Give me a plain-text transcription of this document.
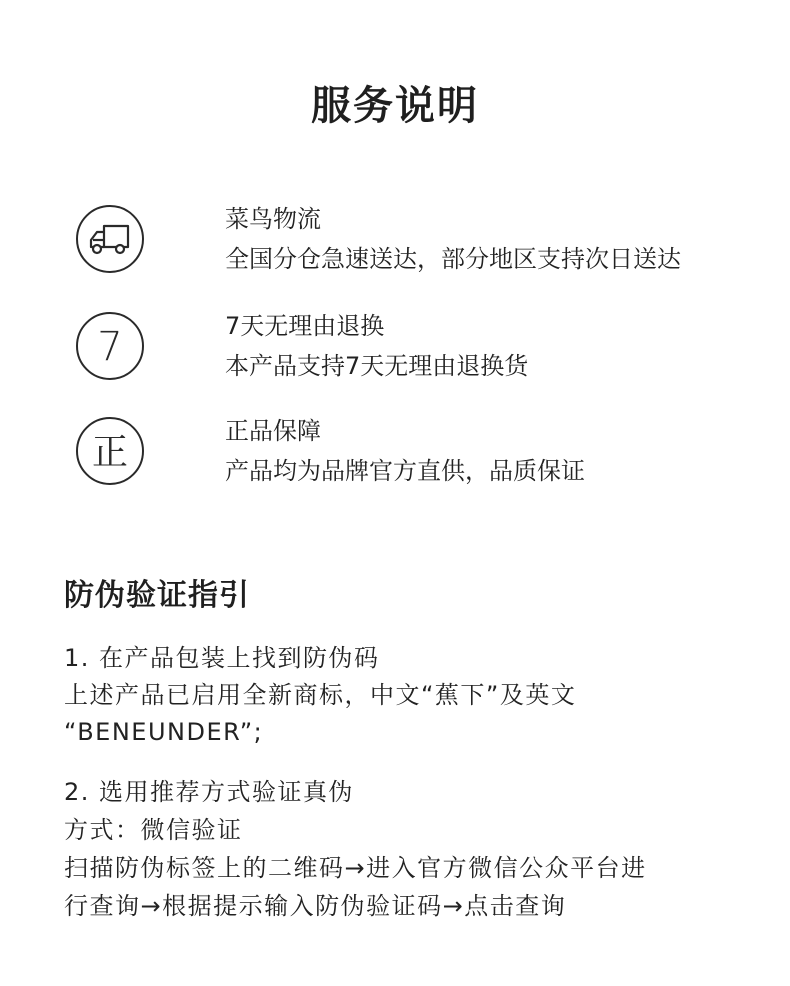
服务说明
菜鸟物流
全国分仓急速送达，部分地区支持次日送达
7	7天无理由退换
本产品支持7天无理由退换货
正
正品保障
产品均为品牌官方直供，品质保证
防伪验证指引
1. 在产品包装上找到防伪码
上述产品已启用全新商标，中文“蕉下”及英文
“BENEUNDER”;
2. 选用推荐方式验证真伪
方式：微信验证
扫描防伪标签上的二维码→进入官方微信公众平台进
行查询→根据提示输入防伪验证码→点击查询
